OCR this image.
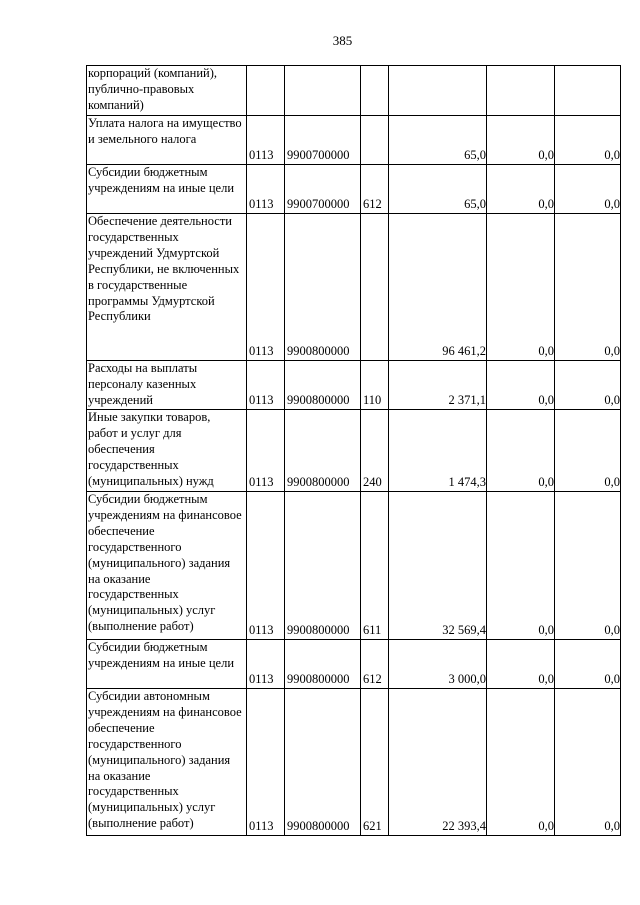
385
корпораций (компаний), публично-правовых компаний)						
Уплата налога на имущество и земельного налога	0113	9900700000		65,0	0,0	0,0
Субсидии бюджетным учреждениям на иные цели	0113	9900700000	612	65,0	0,0	0,0
Обеспечение деятельности государственных учреждений Удмуртской Республики, не включенных в государственные программы Удмуртской Республики	0113	9900800000		96 461,2	0,0	0,0
Расходы на выплаты персоналу казенных учреждений	0113	9900800000	110	2 371,1	0,0	0,0
Иные закупки товаров, работ и услуг для обеспечения государственных (муниципальных) нужд	0113	9900800000	240	1 474,3	0,0	0,0
Субсидии бюджетным учреждениям на финансовое обеспечение государственного (муниципального) задания на оказание государственных (муниципальных) услуг (выполнение работ)	0113	9900800000	611	32 569,4	0,0	0,0
Субсидии бюджетным учреждениям на иные цели	0113	9900800000	612	3 000,0	0,0	0,0
Субсидии автономным учреждениям на финансовое обеспечение государственного (муниципального) задания на оказание государственных (муниципальных) услуг (выполнение работ)	0113	9900800000	621	22 393,4	0,0	0,0
